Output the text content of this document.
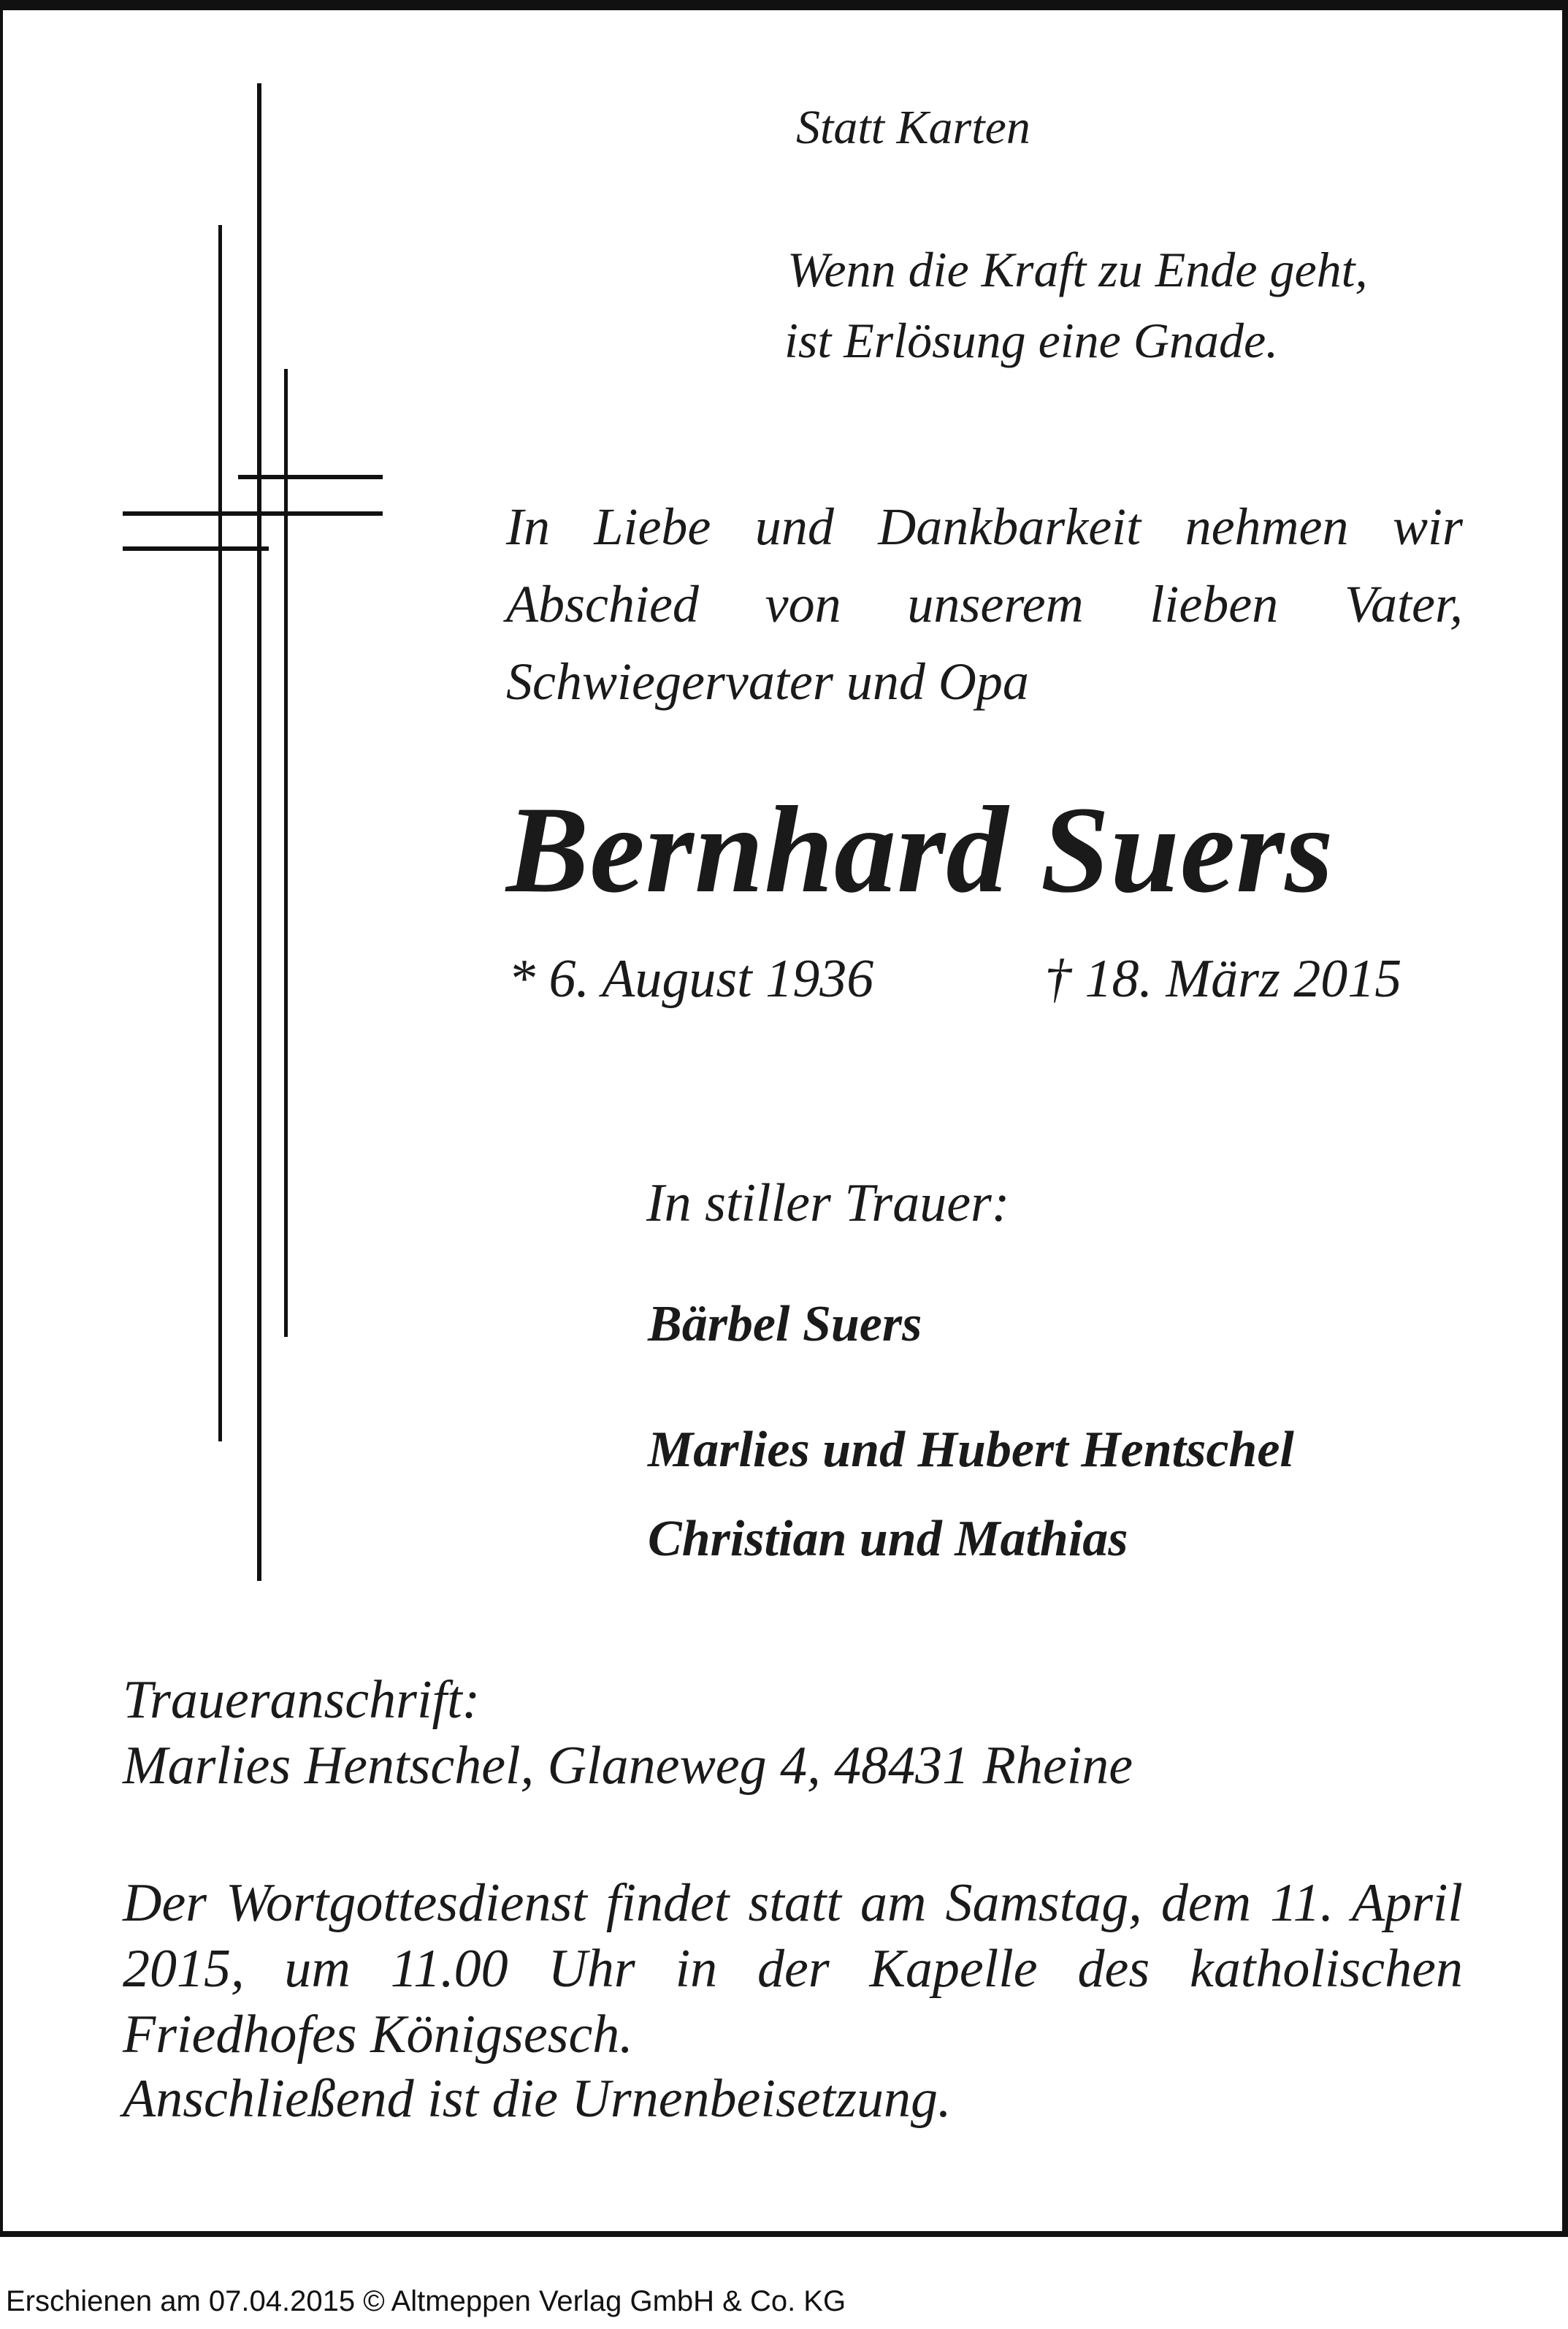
Statt Karten

Wenn die Kraft zu Ende geht,

ist Erlösung eine Gnade.

In Liebe und Dankbarkeit nehmen wir Abschied von unserem lieben Vater, Schwiegervater und Opa

Bernhard Suers

* 6. August 1936	† 18. März 2015

In stiller Trauer:

Bärbel Suers

Marlies und Hubert Hentschel

Christian und Mathias

Traueranschrift:

Marlies Hentschel, Glaneweg 4, 48431 Rheine

Der Wortgottesdienst findet statt am Samstag, dem 11. April 2015, um 11.00 Uhr in der Kapelle des katholischen Friedhofes Königsesch.

Anschließend ist die Urnenbeisetzung.

Erschienen am 07.04.2015 © Altmeppen Verlag GmbH & Co. KG
